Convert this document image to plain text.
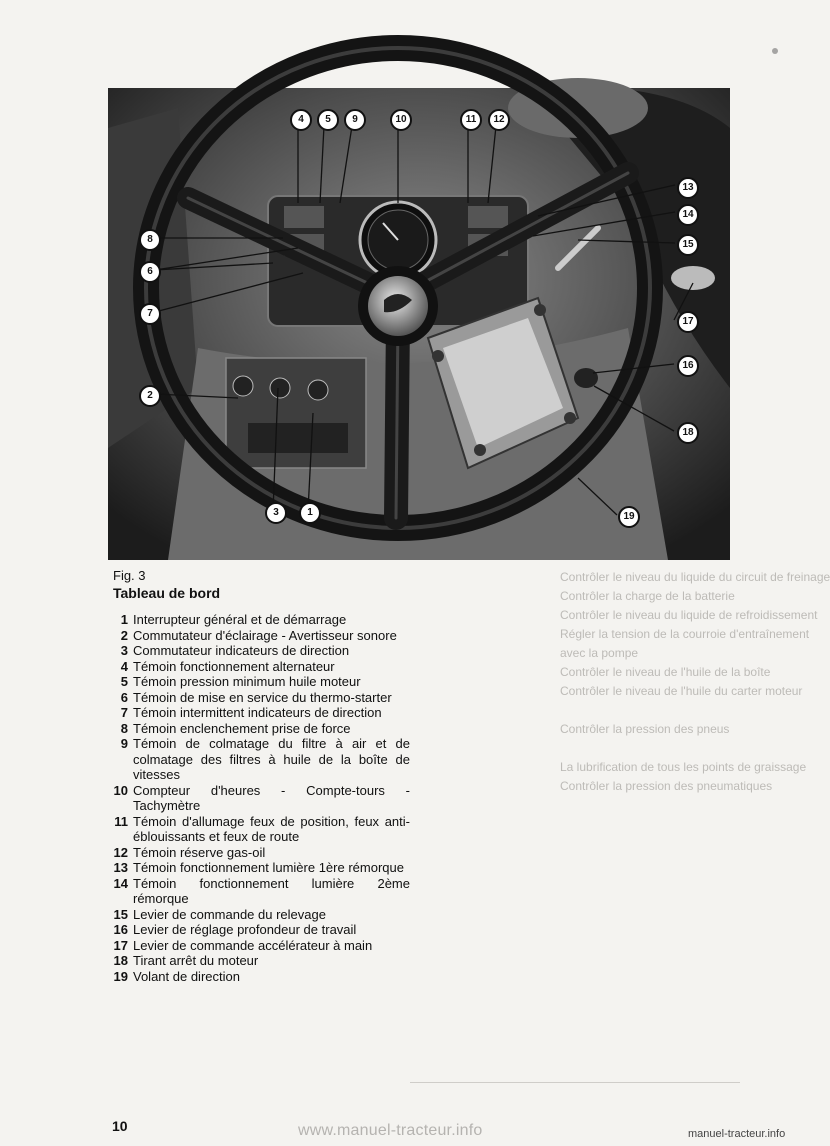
4	5	9	10	11	12
13
14
15
8
6
7
17
16
2
18
3	1	19

Contrôler le niveau du liquide du circuit de freinage

Contrôler la charge de la batterie

Contrôler le niveau du liquide de refroidissement

Régler la tension de la courroie d'entraînement

avec la pompe

Contrôler le niveau de l'huile de la boîte

Contrôler le niveau de l'huile du carter moteur

Contrôler la pression des pneus

La lubrification de tous les points de graissage

Contrôler la pression des pneumatiques

Fig. 3
Tableau de bord
1 Interrupteur général et de démarrage
2 Commutateur d'éclairage - Avertisseur sonore
3 Commutateur indicateurs de direction
4 Témoin fonctionnement alternateur
5 Témoin pression minimum huile moteur
6 Témoin de mise en service du thermo-starter
7 Témoin intermittent indicateurs de direction
8 Témoin enclenchement prise de force
9 Témoin de colmatage du filtre à air et de colmatage des filtres à huile de la boîte de vitesses
10 Compteur d'heures - Compte-tours - Tachymètre
11 Témoin d'allumage feux de position, feux anti-éblouissants et feux de route
12 Témoin réserve gas-oil
13 Témoin fonctionnement lumière 1ère rémorque
14 Témoin fonctionnement lumière 2ème rémorque
15 Levier de commande du relevage
16 Levier de réglage profondeur de travail
17 Levier de commande accélérateur à main
18 Tirant arrêt du moteur
19 Volant de direction
10	www.manuel-tracteur.info	manuel-tracteur.info
